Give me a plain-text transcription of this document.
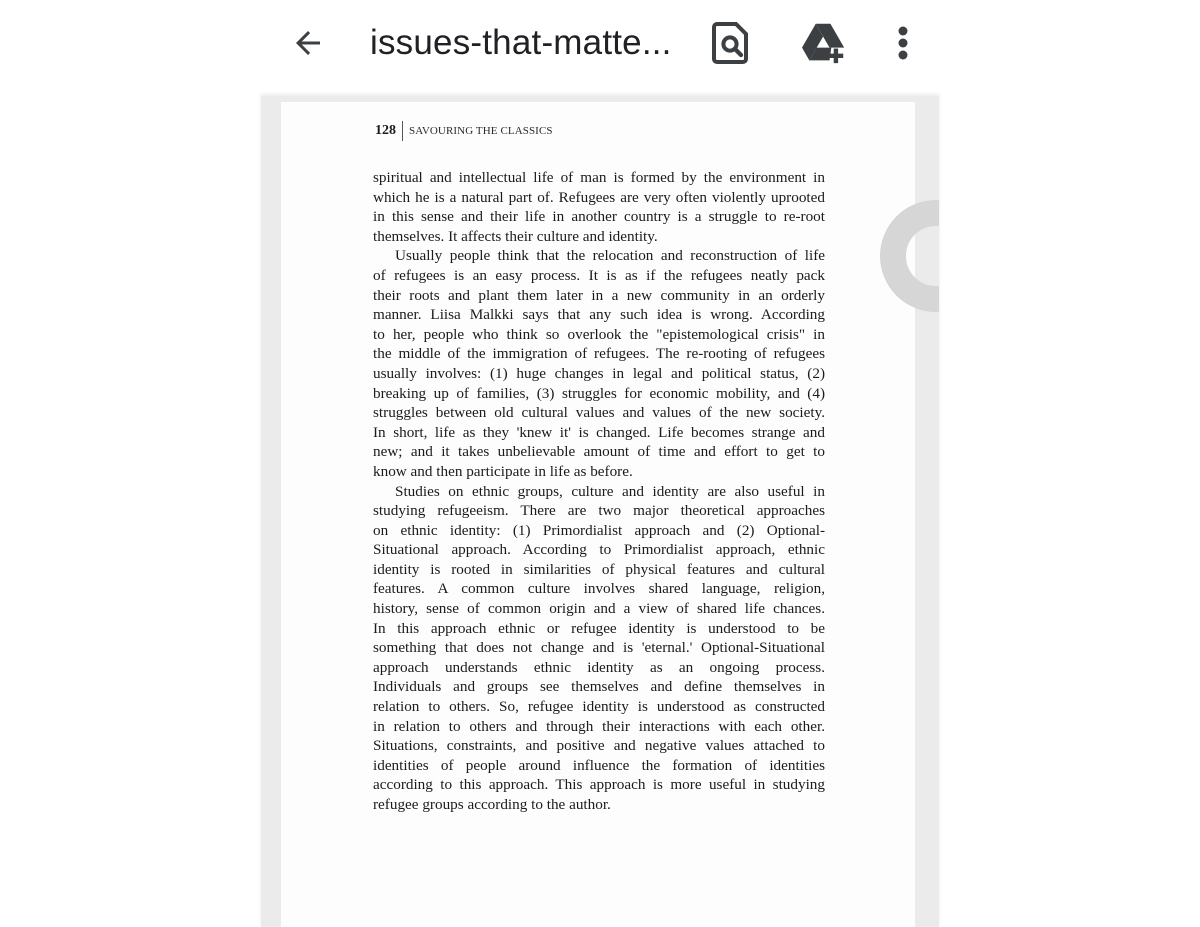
issues-that-matte...
128	SAVOURING THE CLASSICS
spiritual and intellectual life of man is formed by the environment in
which he is a natural part of. Refugees are very often violently uprooted
in this sense and their life in another country is a struggle to re-root
themselves. It affects their culture and identity.
Usually people think that the relocation and reconstruction of life
of refugees is an easy process. It is as if the refugees neatly pack
their roots and plant them later in a new community in an orderly
manner. Liisa Malkki says that any such idea is wrong. According
to her, people who think so overlook the "epistemological crisis" in
the middle of the immigration of refugees. The re-rooting of refugees
usually involves: (1) huge changes in legal and political status, (2)
breaking up of families, (3) struggles for economic mobility, and (4)
struggles between old cultural values and values of the new society.
In short, life as they 'knew it' is changed. Life becomes strange and
new; and it takes unbelievable amount of time and effort to get to
know and then participate in life as before.
Studies on ethnic groups, culture and identity are also useful in
studying refugeeism. There are two major theoretical approaches
on ethnic identity: (1) Primordialist approach and (2) Optional-
Situational approach. According to Primordialist approach, ethnic
identity is rooted in similarities of physical features and cultural
features. A common culture involves shared language, religion,
history, sense of common origin and a view of shared life chances.
In this approach ethnic or refugee identity is understood to be
something that does not change and is 'eternal.' Optional-Situational
approach understands ethnic identity as an ongoing process.
Individuals and groups see themselves and define themselves in
relation to others. So, refugee identity is understood as constructed
in relation to others and through their interactions with each other.
Situations, constraints, and positive and negative values attached to
identities of people around influence the formation of identities
according to this approach. This approach is more useful in studying
refugee groups according to the author.
